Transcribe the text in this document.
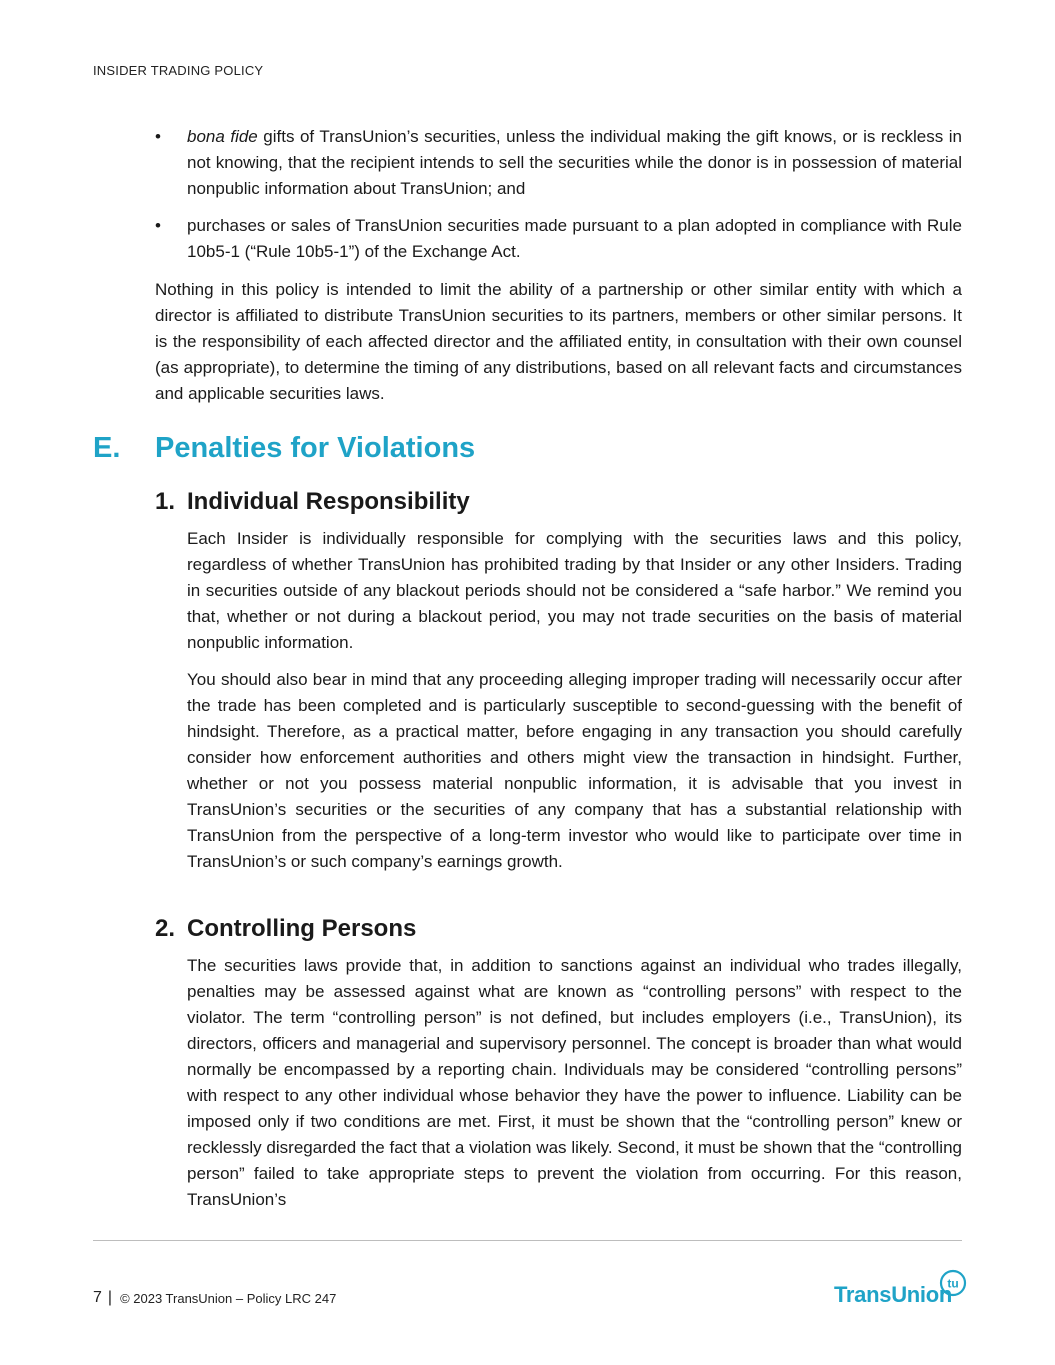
INSIDER TRADING POLICY
•	bona fide gifts of TransUnion’s securities, unless the individual making the gift knows, or is reckless in not knowing, that the recipient intends to sell the securities while the donor is in possession of material nonpublic information about TransUnion; and
•	purchases or sales of TransUnion securities made pursuant to a plan adopted in compliance with Rule 10b5-1 (“Rule 10b5-1”) of the Exchange Act.

Nothing in this policy is intended to limit the ability of a partnership or other similar entity with which a director is affiliated to distribute TransUnion securities to its partners, members or other similar persons. It is the responsibility of each affected director and the affiliated entity, in consultation with their own counsel (as appropriate), to determine the timing of any distributions, based on all relevant facts and circumstances and applicable securities laws.

E. Penalties for Violations
1. Individual Responsibility

Each Insider is individually responsible for complying with the securities laws and this policy, regardless of whether TransUnion has prohibited trading by that Insider or any other Insiders. Trading in securities outside of any blackout periods should not be considered a “safe harbor.” We remind you that, whether or not during a blackout period, you may not trade securities on the basis of material nonpublic information.

You should also bear in mind that any proceeding alleging improper trading will necessarily occur after the trade has been completed and is particularly susceptible to second-guessing with the benefit of hindsight. Therefore, as a practical matter, before engaging in any transaction you should carefully consider how enforcement authorities and others might view the transaction in hindsight. Further, whether or not you possess material nonpublic information, it is advisable that you invest in TransUnion’s securities or the securities of any company that has a substantial relationship with TransUnion from the perspective of a long-term investor who would like to participate over time in TransUnion’s or such company’s earnings growth.

2. Controlling Persons

The securities laws provide that, in addition to sanctions against an individual who trades illegally, penalties may be assessed against what are known as “controlling persons” with respect to the violator. The term “controlling person” is not defined, but includes employers (i.e., TransUnion), its directors, officers and managerial and supervisory personnel. The concept is broader than what would normally be encompassed by a reporting chain. Individuals may be considered “controlling persons” with respect to any other individual whose behavior they have the power to influence. Liability can be imposed only if two conditions are met. First, it must be shown that the “controlling person” knew or recklessly disregarded the fact that a violation was likely. Second, it must be shown that the “controlling person” failed to take appropriate steps to prevent the violation from occurring. For this reason, TransUnion’s

7 | © 2023 TransUnion – Policy LRC 247	TransUnion
tu
